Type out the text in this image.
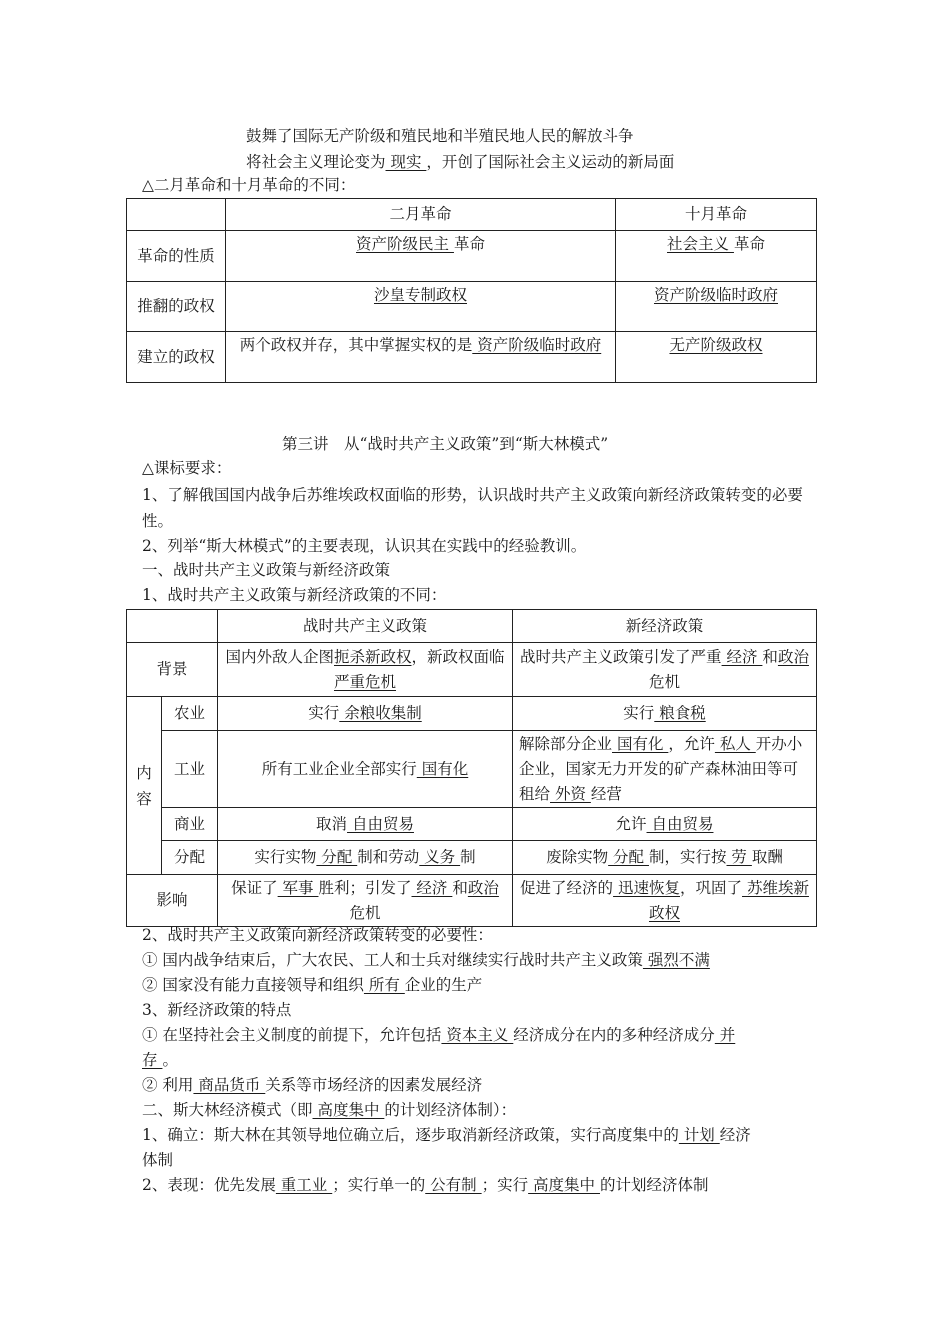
鼓舞了国际无产阶级和殖民地和半殖民地人民的解放斗争
将社会主义理论变为 现实 ，开创了国际社会主义运动的新局面
△二月革命和十月革命的不同：
	二月革命	十月革命
革命的性质	资产阶级民主 革命	社会主义 革命
推翻的政权	沙皇专制政权	资产阶级临时政府
建立的政权	两个政权并存，其中掌握实权的是 资产阶级临时政府	无产阶级政权
第三讲　从“战时共产主义政策”到“斯大林模式”
△课标要求：
1、了解俄国国内战争后苏维埃政权面临的形势，认识战时共产主义政策向新经济政策转变的必要性。
2、列举“斯大林模式”的主要表现，认识其在实践中的经验教训。
一、战时共产主义政策与新经济政策
1、战时共产主义政策与新经济政策的不同：
		战时共产主义政策	新经济政策
背景		国内外敌人企图扼杀新政权，新政权面临严重危机	战时共产主义政策引发了严重 经济 和政治 危机
内容	农业	实行 余粮收集制	实行 粮食税
	工业	所有工业企业全部实行 国有化	解除部分企业 国有化 ，允许 私人 开办小企业，国家无力开发的矿产森林油田等可租给 外资 经营
	商业	取消 自由贸易	允许 自由贸易
	分配	实行实物 分配 制和劳动 义务 制	废除实物 分配 制，实行按 劳 取酬
影响		保证了 军事 胜利；引发了 经济 和政治 危机	促进了经济的 迅速恢复，巩固了 苏维埃新政权
2、战时共产主义政策向新经济政策转变的必要性：
① 国内战争结束后，广大农民、工人和士兵对继续实行战时共产主义政策 强烈不满
② 国家没有能力直接领导和组织 所有 企业的生产
3、新经济政策的特点
① 在坚持社会主义制度的前提下，允许包括 资本主义 经济成分在内的多种经济成分 并
存 。
② 利用 商品货币 关系等市场经济的因素发展经济
二、斯大林经济模式（即 高度集中 的计划经济体制）：
1、确立：斯大林在其领导地位确立后，逐步取消新经济政策，实行高度集中的 计划 经济
体制
2、表现：优先发展 重工业 ；实行单一的 公有制 ；实行 高度集中 的计划经济体制
